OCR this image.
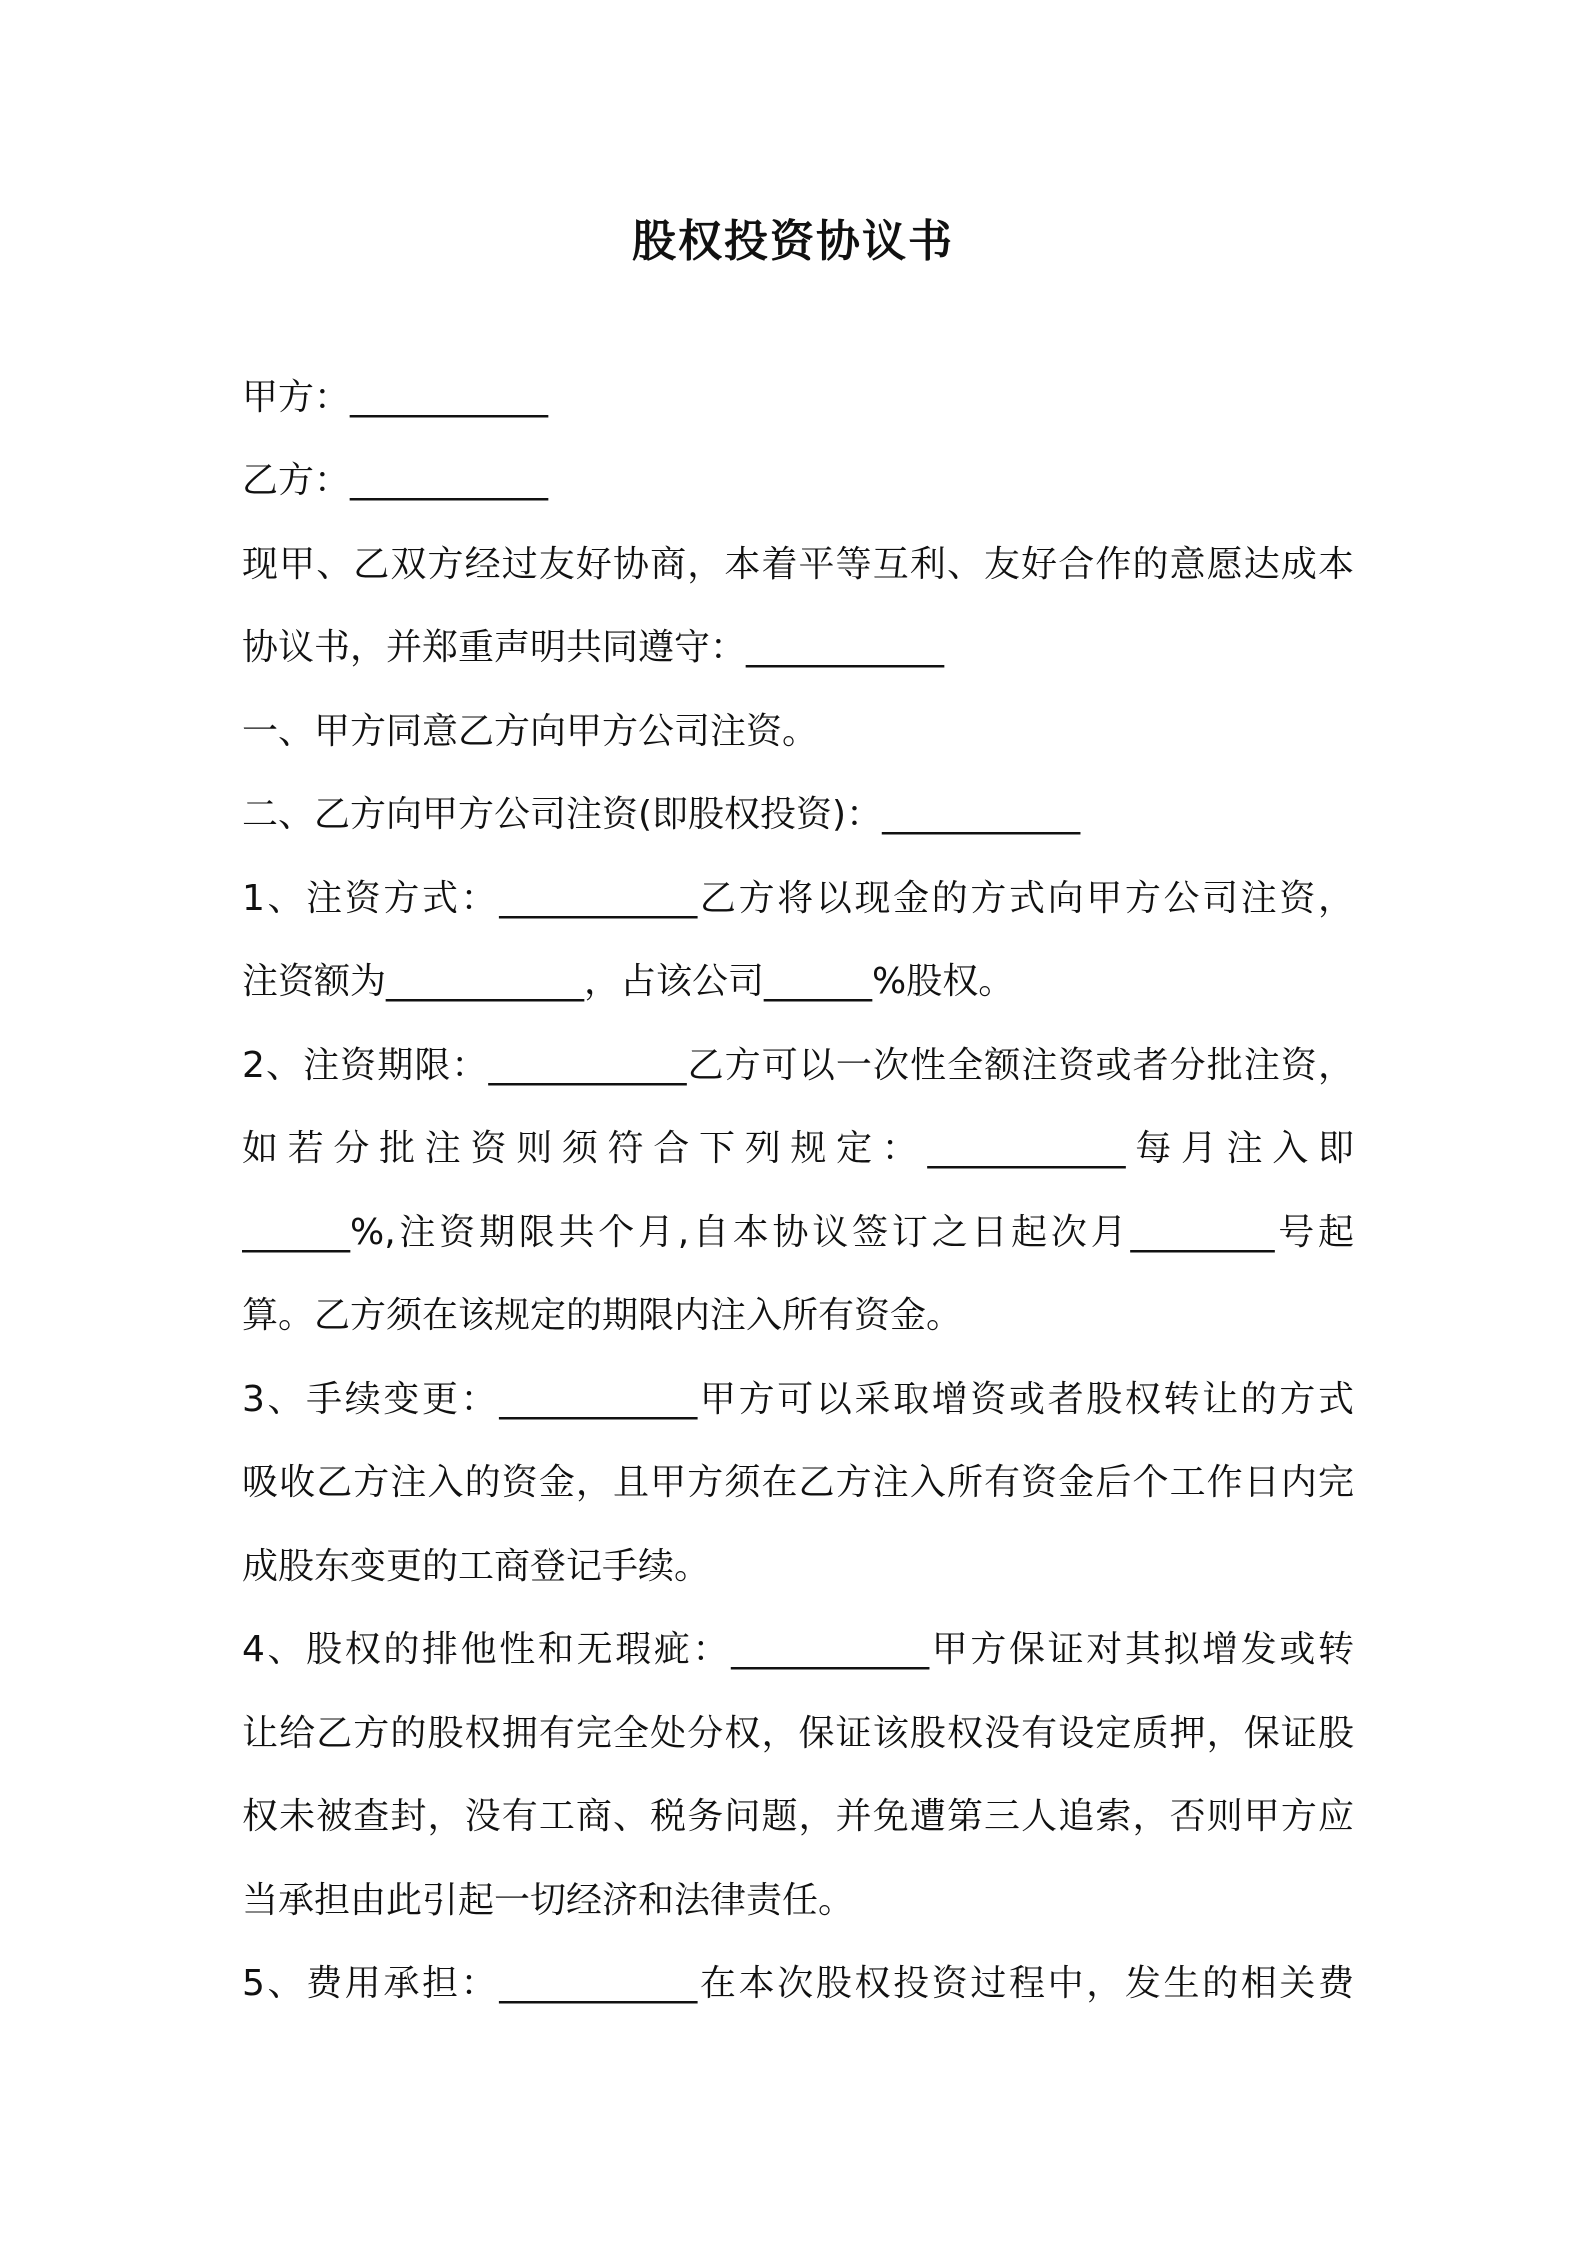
股权投资协议书
甲方：___________
乙方：___________
现甲、乙双方经过友好协商，本着平等互利、友好合作的意愿达成本
协议书，并郑重声明共同遵守：___________
一、甲方同意乙方向甲方公司注资。
二、乙方向甲方公司注资(即股权投资)：___________
1、注资方式：___________乙方将以现金的方式向甲方公司注资，
注资额为___________，占该公司______%股权。
2、注资期限：___________乙方可以一次性全额注资或者分批注资，
如若分批注资则须符合下列规定：___________每月注入即
______%,注资期限共个月,自本协议签订之日起次月________号起
算。乙方须在该规定的期限内注入所有资金。
3、手续变更：___________甲方可以采取增资或者股权转让的方式
吸收乙方注入的资金，且甲方须在乙方注入所有资金后个工作日内完
成股东变更的工商登记手续。
4、股权的排他性和无瑕疵：___________甲方保证对其拟增发或转
让给乙方的股权拥有完全处分权，保证该股权没有设定质押，保证股
权未被查封，没有工商、税务问题，并免遭第三人追索，否则甲方应
当承担由此引起一切经济和法律责任。
5、费用承担：___________在本次股权投资过程中，发生的相关费
